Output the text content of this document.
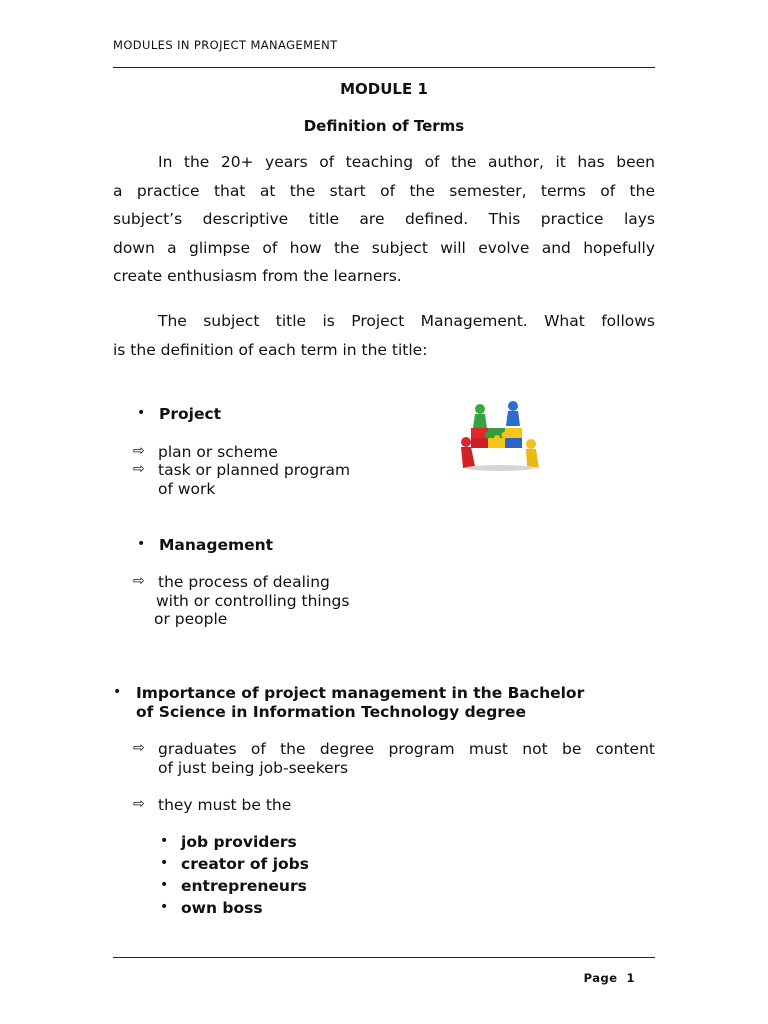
MODULES IN PROJECT MANAGEMENT
MODULE 1
Definition of Terms
In the 20+ years of teaching of the author, it has been
a practice that at the start of the semester, terms of the
subject’s descriptive title are defined. This practice lays
down a glimpse of how the subject will evolve and hopefully
create enthusiasm from the learners.
The subject title is Project Management. What follows
is the definition of each term in the title:
• Project
⇨ plan or scheme
⇨ task or planned program
of work
• Management
⇨ the process of dealing
with or controlling things
or people
• Importance of project management in the Bachelor
of Science in Information Technology degree
⇨ graduates of the degree program must not be content
of just being job-seekers
⇨ they must be the
• job providers
• creator of jobs
• entrepreneurs
• own boss
Page  1
